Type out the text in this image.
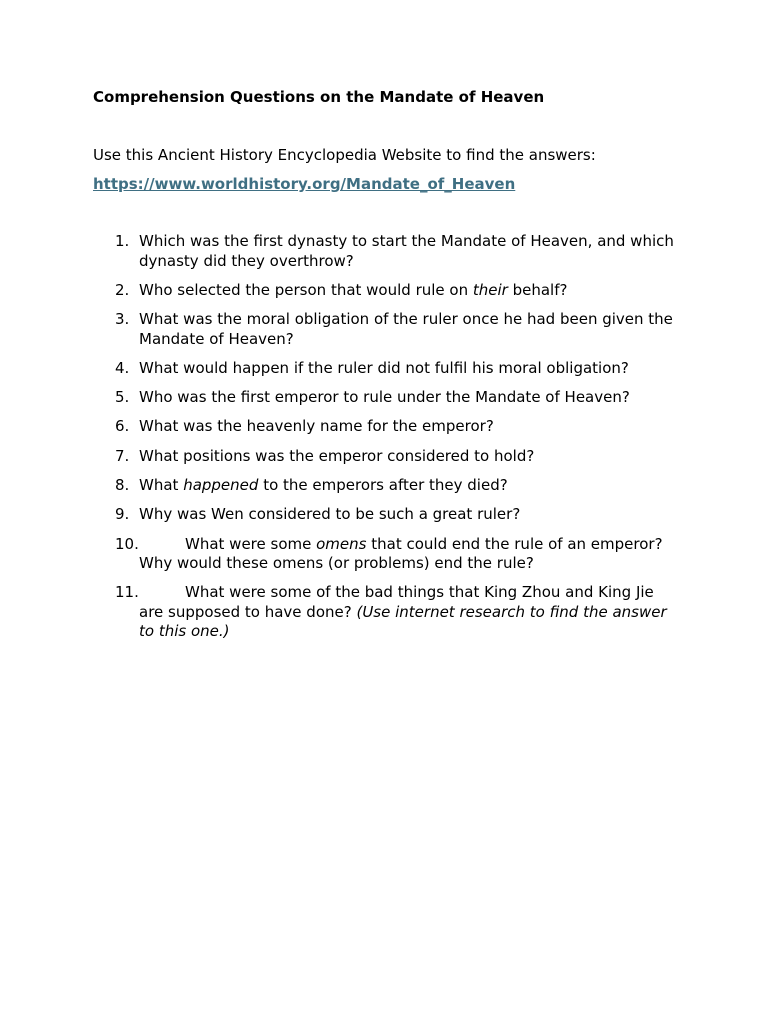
Comprehension Questions on the Mandate of Heaven

Use this Ancient History Encyclopedia Website to find the answers:

https://www.worldhistory.org/Mandate_of_Heaven

1. Which was the first dynasty to start the Mandate of Heaven, and which dynasty did they overthrow?
2. Who selected the person that would rule on their behalf?
3. What was the moral obligation of the ruler once he had been given the Mandate of Heaven?
4. What would happen if the ruler did not fulfil his moral obligation?
5. Who was the first emperor to rule under the Mandate of Heaven?
6. What was the heavenly name for the emperor?
7. What positions was the emperor considered to hold?
8. What happened to the emperors after they died?
9. Why was Wen considered to be such a great ruler?
10.	What were some omens that could end the rule of an emperor? Why would these omens (or problems) end the rule?
11.	What were some of the bad things that King Zhou and King Jie are supposed to have done? (Use internet research to find the answer to this one.)
